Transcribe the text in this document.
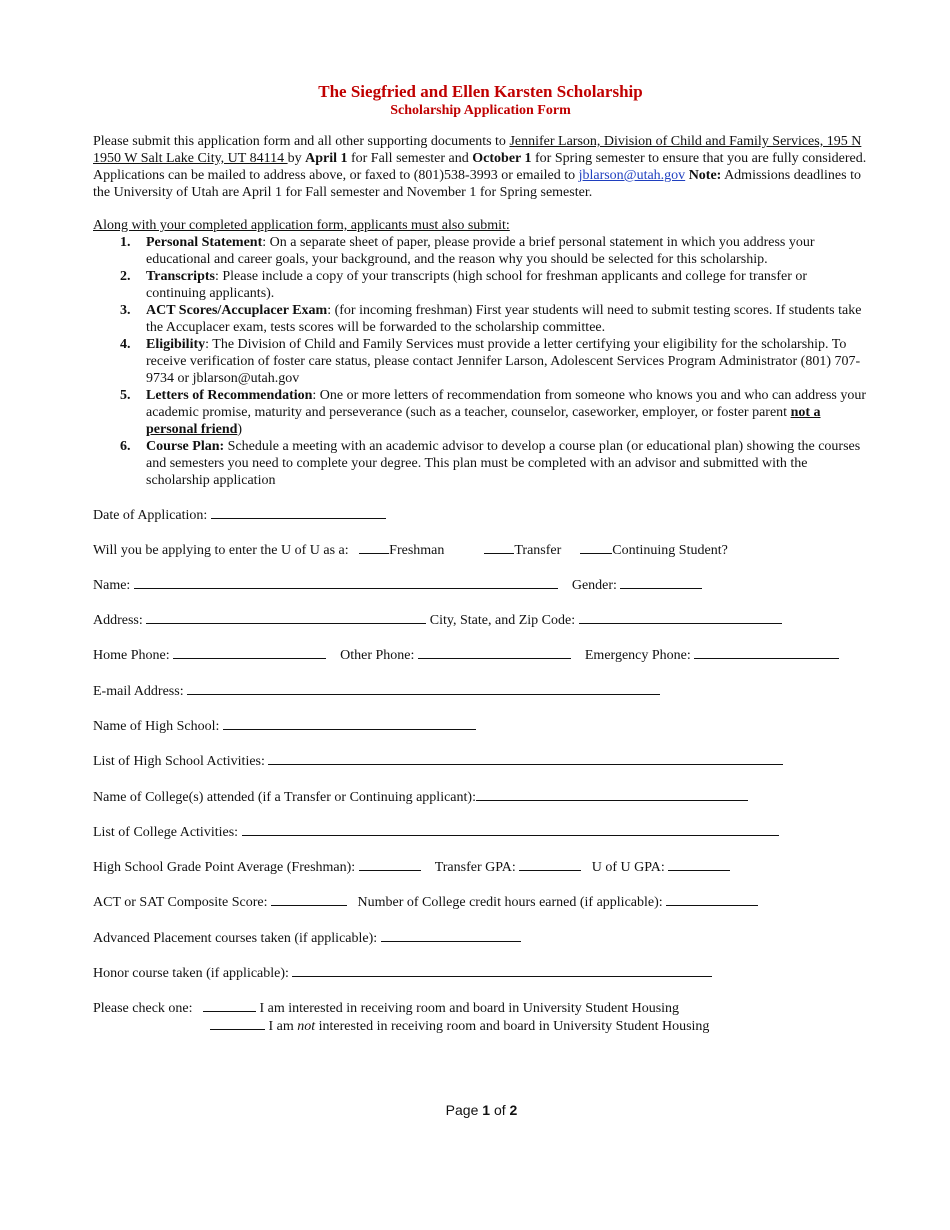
The Siegfried and Ellen Karsten Scholarship

Scholarship Application Form

Please submit this application form and all other supporting documents to Jennifer Larson, Division of Child and Family Services, 195 N 1950 W Salt Lake City, UT 84114 by April 1 for Fall semester and October 1 for Spring semester to ensure that you are fully considered. Applications can be mailed to address above, or faxed to (801)538-3993 or emailed to jblarson@utah.gov Note: Admissions deadlines to the University of Utah are April 1 for Fall semester and November 1 for Spring semester.

Along with your completed application form, applicants must also submit:

1. Personal Statement: On a separate sheet of paper, please provide a brief personal statement in which you address your educational and career goals, your background, and the reason why you should be selected for this scholarship.
2. Transcripts: Please include a copy of your transcripts (high school for freshman applicants and college for transfer or continuing applicants).
3. ACT Scores/Accuplacer Exam: (for incoming freshman) First year students will need to submit testing scores. If students take the Accuplacer exam, tests scores will be forwarded to the scholarship committee.
4. Eligibility: The Division of Child and Family Services must provide a letter certifying your eligibility for the scholarship. To receive verification of foster care status, please contact Jennifer Larson, Adolescent Services Program Administrator (801) 707-9734 or jblarson@utah.gov
5. Letters of Recommendation: One or more letters of recommendation from someone who knows you and who can address your academic promise, maturity and perseverance (such as a teacher, counselor, caseworker, employer, or foster parent not a personal friend)
6. Course Plan: Schedule a meeting with an academic advisor to develop a course plan (or educational plan) showing the courses and semesters you need to complete your degree. This plan must be completed with an advisor and submitted with the scholarship application

Date of Application:

Will you be applying to enter the U of U as a:	Freshman	Transfer	Continuing Student?

Name:	Gender:

Address:	City, State, and Zip Code:

Home Phone:	Other Phone:	Emergency Phone:

E-mail Address:

Name of High School:

List of High School Activities:

Name of College(s) attended (if a Transfer or Continuing applicant):

List of College Activities:

High School Grade Point Average (Freshman):	Transfer GPA:	U of U GPA:

ACT or SAT Composite Score:	Number of College credit hours earned (if applicable):

Advanced Placement courses taken (if applicable):

Honor course taken (if applicable):

Please check one:	I am interested in receiving room and board in University Student Housing

I am not interested in receiving room and board in University Student Housing

Page 1 of 2
